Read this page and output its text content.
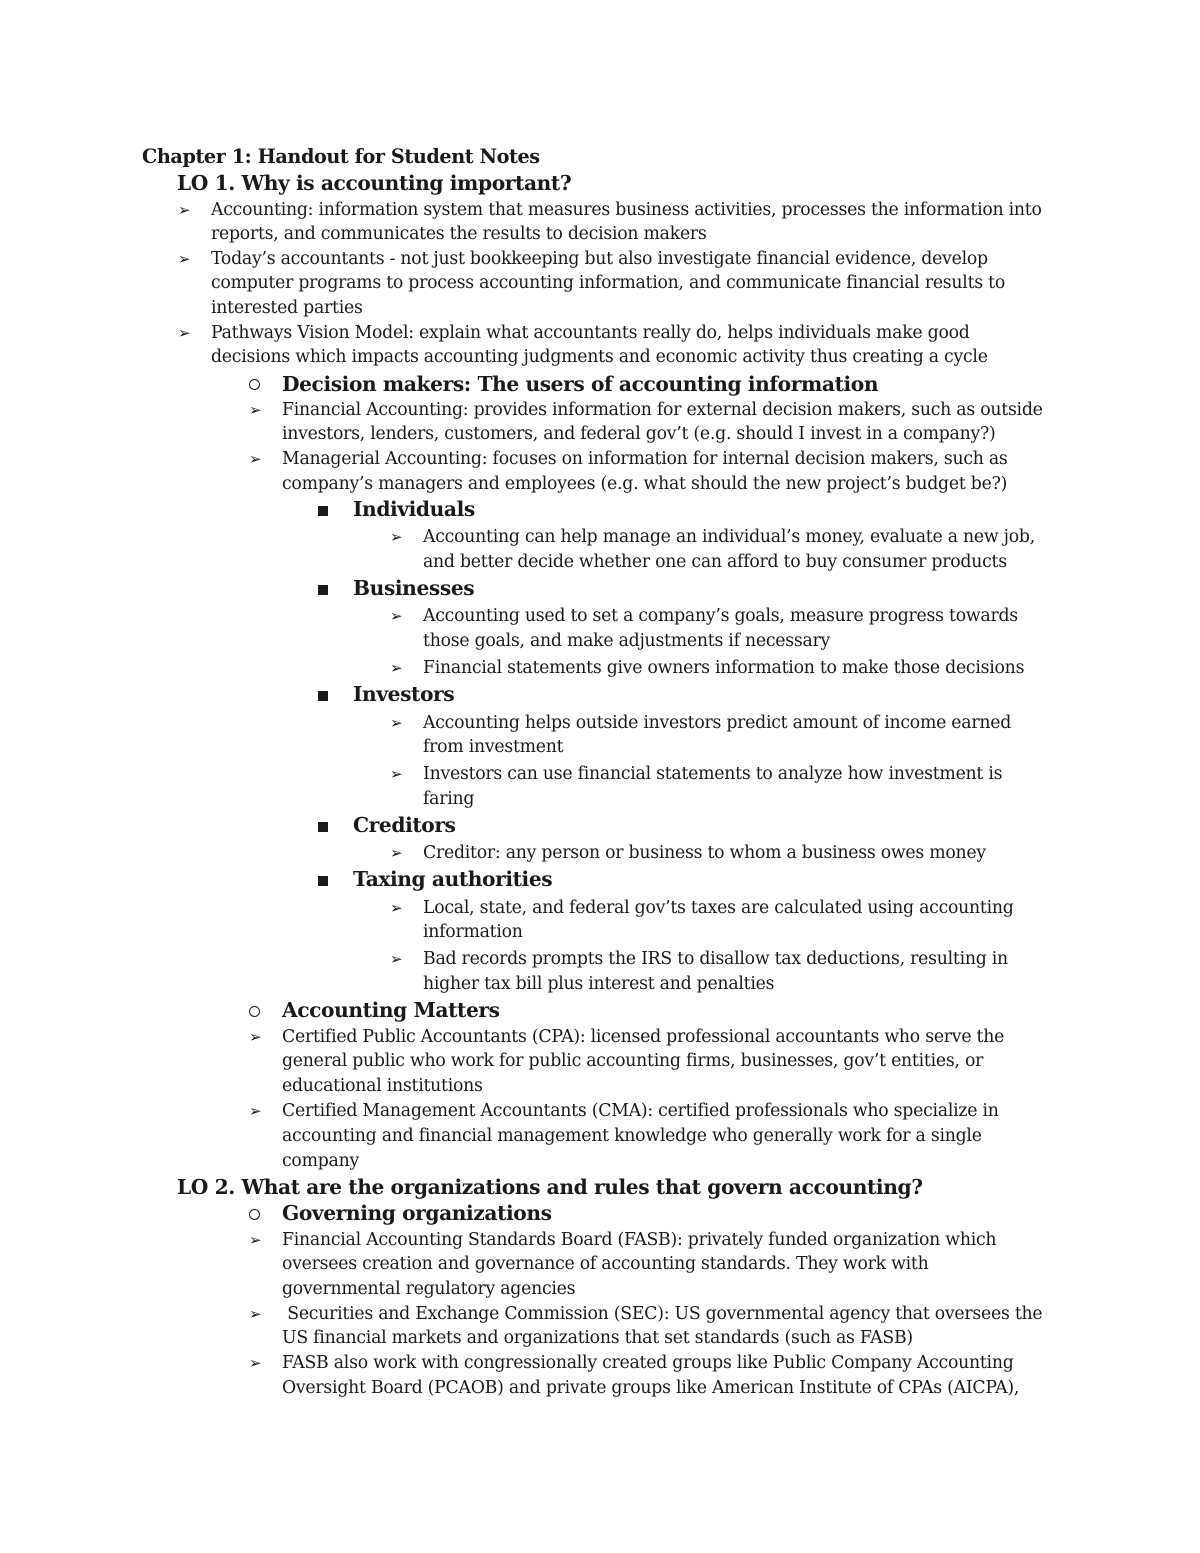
Chapter 1: Handout for Student Notes
LO 1. Why is accounting important?
➢ Accounting: information system that measures business activities, processes the information into
reports, and communicates the results to decision makers
➢ Today’s accountants - not just bookkeeping but also investigate financial evidence, develop
computer programs to process accounting information, and communicate financial results to
interested parties
➢ Pathways Vision Model: explain what accountants really do, helps individuals make good
decisions which impacts accounting judgments and economic activity thus creating a cycle
Decision makers: The users of accounting information
➢ Financial Accounting: provides information for external decision makers, such as outside
investors, lenders, customers, and federal gov’t (e.g. should I invest in a company?)
➢ Managerial Accounting: focuses on information for internal decision makers, such as
company’s managers and employees (e.g. what should the new project’s budget be?)
Individuals
➢ Accounting can help manage an individual’s money, evaluate a new job,
and better decide whether one can afford to buy consumer products
Businesses
➢ Accounting used to set a company’s goals, measure progress towards
those goals, and make adjustments if necessary
➢ Financial statements give owners information to make those decisions
Investors
➢ Accounting helps outside investors predict amount of income earned
from investment
➢ Investors can use financial statements to analyze how investment is
faring
Creditors
➢ Creditor: any person or business to whom a business owes money
Taxing authorities
➢ Local, state, and federal gov’ts taxes are calculated using accounting
information
➢ Bad records prompts the IRS to disallow tax deductions, resulting in
higher tax bill plus interest and penalties
Accounting Matters
➢ Certified Public Accountants (CPA): licensed professional accountants who serve the
general public who work for public accounting firms, businesses, gov’t entities, or
educational institutions
➢ Certified Management Accountants (CMA): certified professionals who specialize in
accounting and financial management knowledge who generally work for a single
company
LO 2. What are the organizations and rules that govern accounting?
Governing organizations
➢ Financial Accounting Standards Board (FASB): privately funded organization which
oversees creation and governance of accounting standards. They work with
governmental regulatory agencies
➢ Securities and Exchange Commission (SEC): US governmental agency that oversees the
US financial markets and organizations that set standards (such as FASB)
➢ FASB also work with congressionally created groups like Public Company Accounting
Oversight Board (PCAOB) and private groups like American Institute of CPAs (AICPA),
